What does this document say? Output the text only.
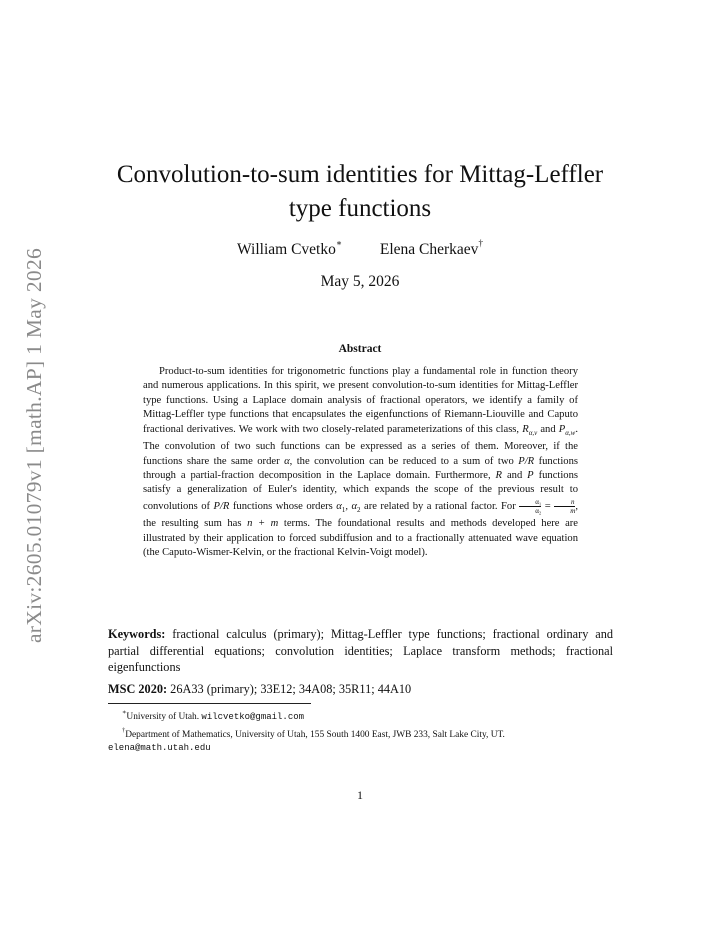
arXiv:2605.01079v1 [math.AP] 1 May 2026
Convolution-to-sum identities for Mittag-Leffler
type functions
William Cvetko∗ Elena Cherkaev†
May 5, 2026
Abstract

Product-to-sum identities for trigonometric functions play a fundamental role in function theory and numerous applications. In this spirit, we present convolution-to-sum identities for Mittag-Leffler type functions. Using a Laplace domain analysis of fractional operators, we identify a family of Mittag-Leffler type functions that encapsulates the eigenfunctions of Riemann-Liouville and Caputo fractional derivatives. We work with two closely-related parameterizations of this class, $R_{\alpha,v}$ and $P_{\alpha,w}$. The convolution of two such functions can be expressed as a series of them. Moreover, if the functions share the same order α, the convolution can be reduced to a sum of two P/R functions through a partial-fraction decomposition in the Laplace domain. Furthermore, R and P functions satisfy a generalization of Euler's identity, which expands the scope of the previous result to convolutions of P/R functions whose orders $\alpha_1$, $\alpha_2$ are related by a rational factor. For $\frac{\text{α₁}}{\text{α₂}} = \frac{n}{m}$ , the resulting sum has n + m terms. The foundational results and methods developed here are illustrated by their application to forced subdiffusion and to a fractionally attenuated wave equation (the Caputo-Wismer-Kelvin, or the fractional Kelvin-Voigt model).

Keywords: fractional calculus (primary); Mittag-Leffler type functions; fractional ordinary and partial differential equations; convolution identities; Laplace transform methods; fractional eigenfunctions
MSC 2020: 26A33 (primary); 33E12; 34A08; 35R11; 44A10
∗University of Utah. wilcvetko@gmail.com
†Department of Mathematics, University of Utah, 155 South 1400 East, JWB 233, Salt Lake City, UT.
elena@math.utah.edu
1
